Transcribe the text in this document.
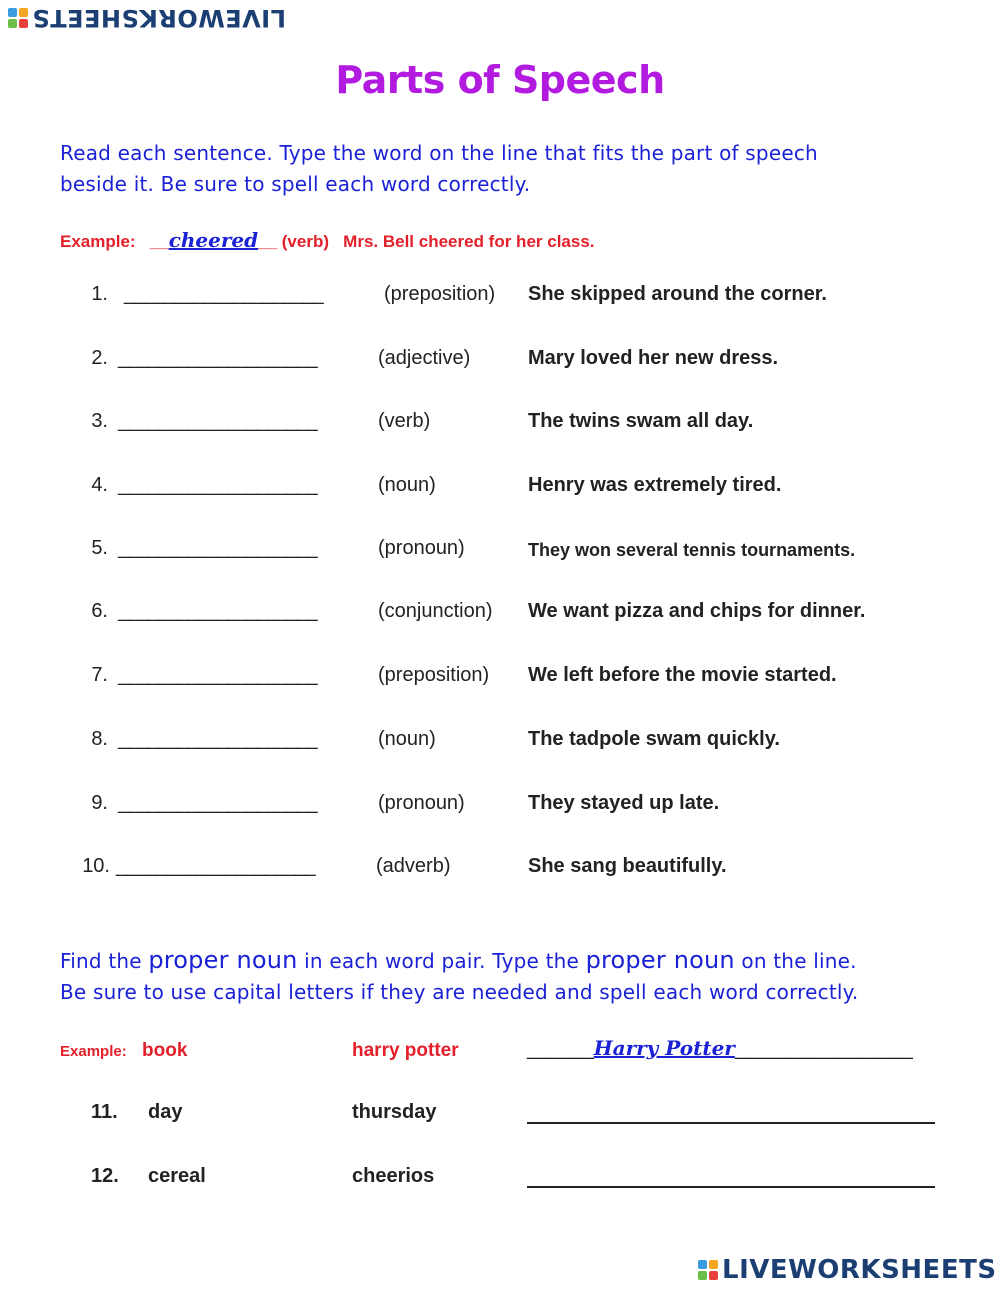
LIVEWORKSHEETS
Parts of Speech
Read each sentence. Type the word on the line that fits the part of speech
beside it. Be sure to spell each word correctly.
Example: __cheered__ (verb) Mrs. Bell cheered for her class.
1. ____________________	(preposition) She skipped around the corner.
2. ____________________	(adjective)	Mary loved her new dress.
3. ____________________	(verb)	The twins swam all day.
4. ____________________	(noun)	Henry was extremely tired.
5. ____________________	(pronoun)	They won several tennis tournaments.
6. ____________________	(conjunction) We want pizza and chips for dinner.
7. ____________________	(preposition) We left before the movie started.
8. ____________________	(noun)	The tadpole swam quickly.
9. ____________________	(pronoun)	They stayed up late.
10. ____________________	(adverb)	She sang beautifully.
Find the proper noun in each word pair. Type the proper noun on the line.
Be sure to use capital letters if they are needed and spell each word correctly.
Example: book	harry potter	______Harry Potter________________
11. day	thursday
12. cereal	cheerios
LIVEWORKSHEETS
